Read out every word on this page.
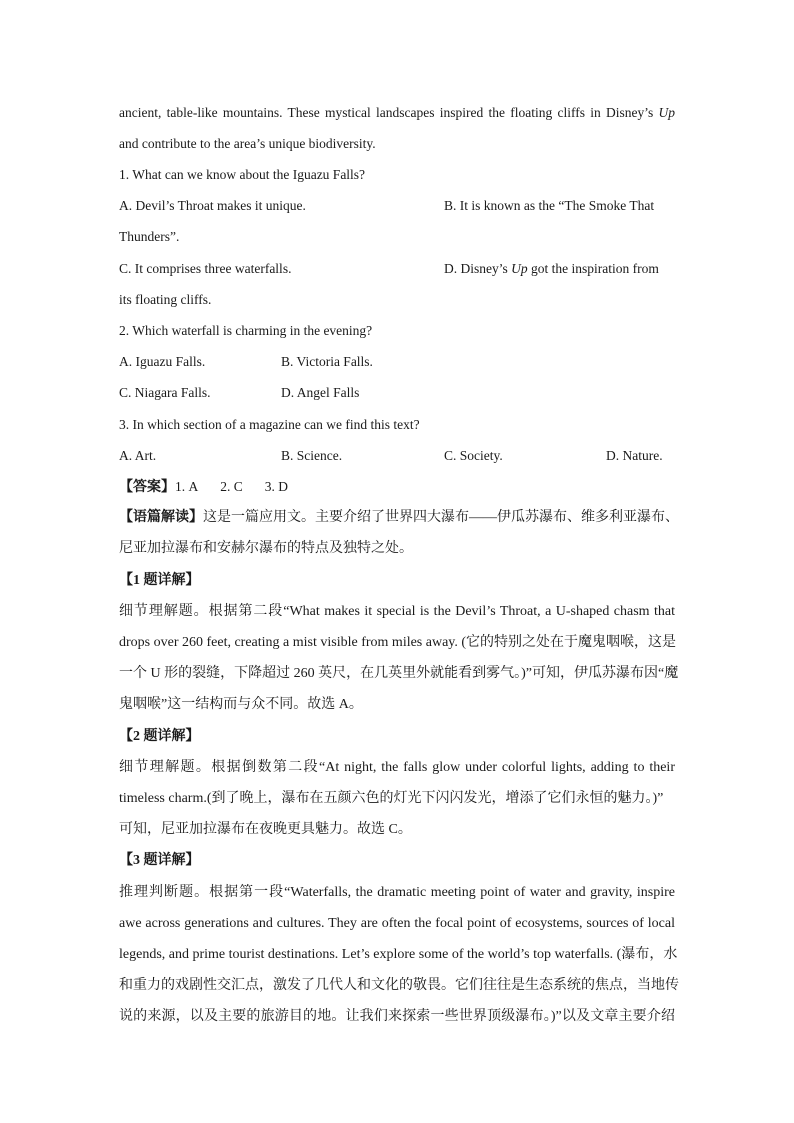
ancient, table-like mountains. These mystical landscapes inspired the floating cliffs in Disney’s Up
and contribute to the area’s unique biodiversity.
1. What can we know about the Iguazu Falls?
A. Devil’s Throat makes it unique.	B. It is known as the “The Smoke That
Thunders”.
C. It comprises three waterfalls.	D. Disney’s Up got the inspiration from
its floating cliffs.
2. Which waterfall is charming in the evening?
A. Iguazu Falls.	B. Victoria Falls.
C. Niagara Falls.	D. Angel Falls
3. In which section of a magazine can we find this text?
A. Art.	B. Science.	C. Society.	D. Nature.
【答案】1. A 2. C 3. D
【语篇解读】这是一篇应用文。主要介绍了世界四大瀑布——伊瓜苏瀑布、维多利亚瀑布、
尼亚加拉瀑布和安赫尔瀑布的特点及独特之处。
【1 题详解】
细节理解题。根据第二段“What makes it special is the Devil’s Throat, a U-shaped chasm that
drops over 260 feet, creating a mist visible from miles away. (它的特别之处在于魔鬼咽喉，这是
一个 U 形的裂缝，下降超过 260 英尺，在几英里外就能看到雾气。)”可知，伊瓜苏瀑布因“魔
鬼咽喉”这一结构而与众不同。故选 A。
【2 题详解】
细节理解题。根据倒数第二段“At night, the falls glow under colorful lights, adding to their
timeless charm.(到了晚上，瀑布在五颜六色的灯光下闪闪发光，增添了它们永恒的魅力。)”
可知，尼亚加拉瀑布在夜晚更具魅力。故选 C。
【3 题详解】
推理判断题。根据第一段“Waterfalls, the dramatic meeting point of water and gravity, inspire
awe across generations and cultures. They are often the focal point of ecosystems, sources of local
legends, and prime tourist destinations. Let’s explore some of the world’s top waterfalls. (瀑布，水
和重力的戏剧性交汇点，激发了几代人和文化的敬畏。它们往往是生态系统的焦点，当地传
说的来源，以及主要的旅游目的地。让我们来探索一些世界顶级瀑布。)”以及文章主要介绍
